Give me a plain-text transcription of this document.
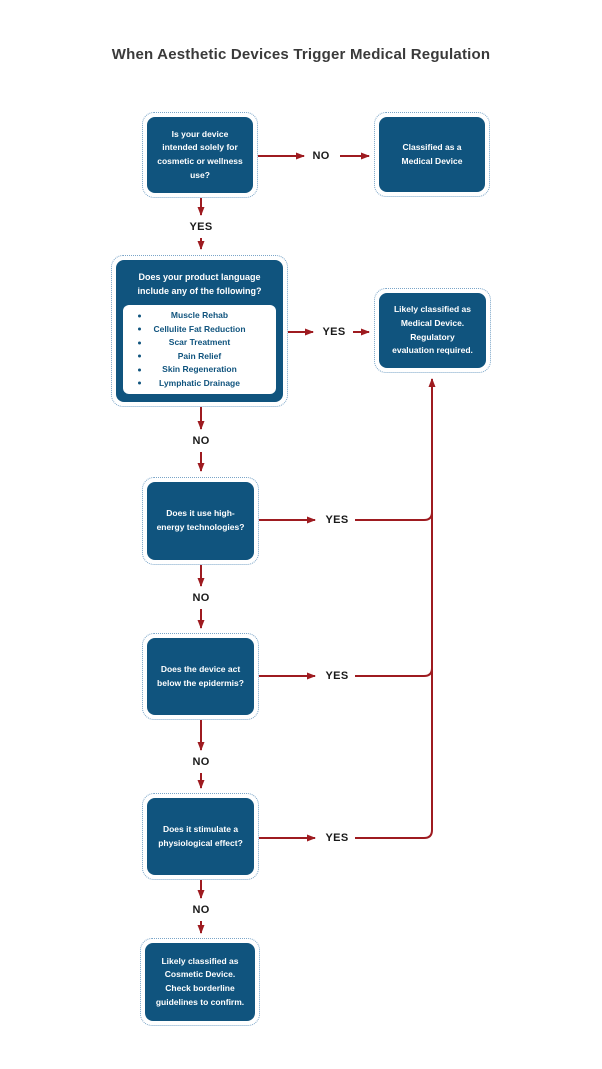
When Aesthetic Devices Trigger Medical Regulation
Is your device intended solely for cosmetic or wellness use?
Classified as a Medical Device
Does your product language include any of the following?
Muscle Rehab
Cellulite Fat Reduction
Scar Treatment
Pain Relief
Skin Regeneration
Lymphatic Drainage
Likely classified as Medical Device. Regulatory evaluation required.
Does it use high-energy technologies?
Does the device act below the epidermis?
Does it stimulate a physiological effect?
Likely classified as Cosmetic Device. Check borderline guidelines to confirm.
NO
YES
YES
NO
YES
NO
YES
NO
YES
NO
